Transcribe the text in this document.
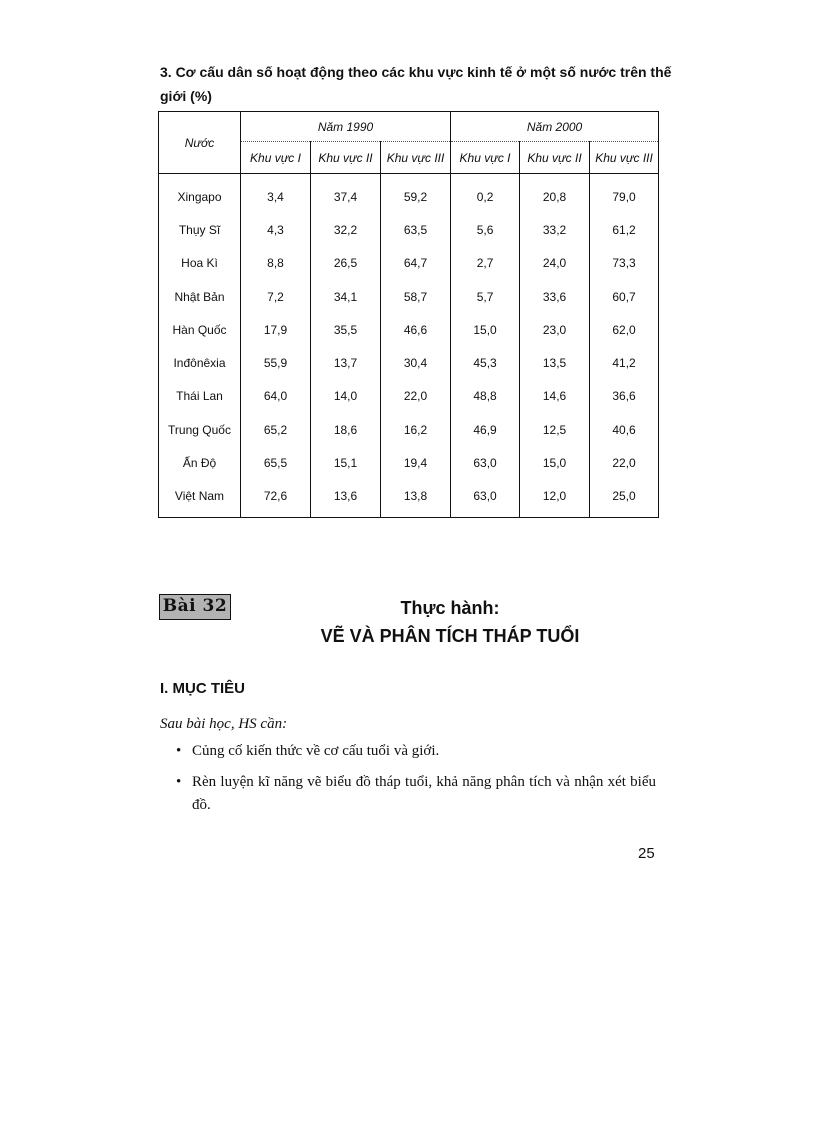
3. Cơ cấu dân số hoạt động theo các khu vực kinh tế ở một số nước trên thế giới (%)
Nước	Năm 1990			Năm 2000		
	Khu vực I	Khu vực II	Khu vực III	Khu vực I	Khu vực II	Khu vực III
Xingapo	3,4	37,4	59,2	0,2	20,8	79,0
Thụy Sĩ	4,3	32,2	63,5	5,6	33,2	61,2
Hoa Kì	8,8	26,5	64,7	2,7	24,0	73,3
Nhật Bản	7,2	34,1	58,7	5,7	33,6	60,7
Hàn Quốc	17,9	35,5	46,6	15,0	23,0	62,0
Inđônêxia	55,9	13,7	30,4	45,3	13,5	41,2
Thái Lan	64,0	14,0	22,0	48,8	14,6	36,6
Trung Quốc	65,2	18,6	16,2	46,9	12,5	40,6
Ấn Độ	65,5	15,1	19,4	63,0	15,0	22,0
Việt Nam	72,6	13,6	13,8	63,0	12,0	25,0
Bài 32	Thực hành:
VẼ VÀ PHÂN TÍCH THÁP TUỔI
I. MỤC TIÊU
Sau bài học, HS cần:
• Củng cố kiến thức về cơ cấu tuổi và giới.
• Rèn luyện kĩ năng vẽ biểu đồ tháp tuổi, khả năng phân tích và nhận xét biểu đồ.
25
